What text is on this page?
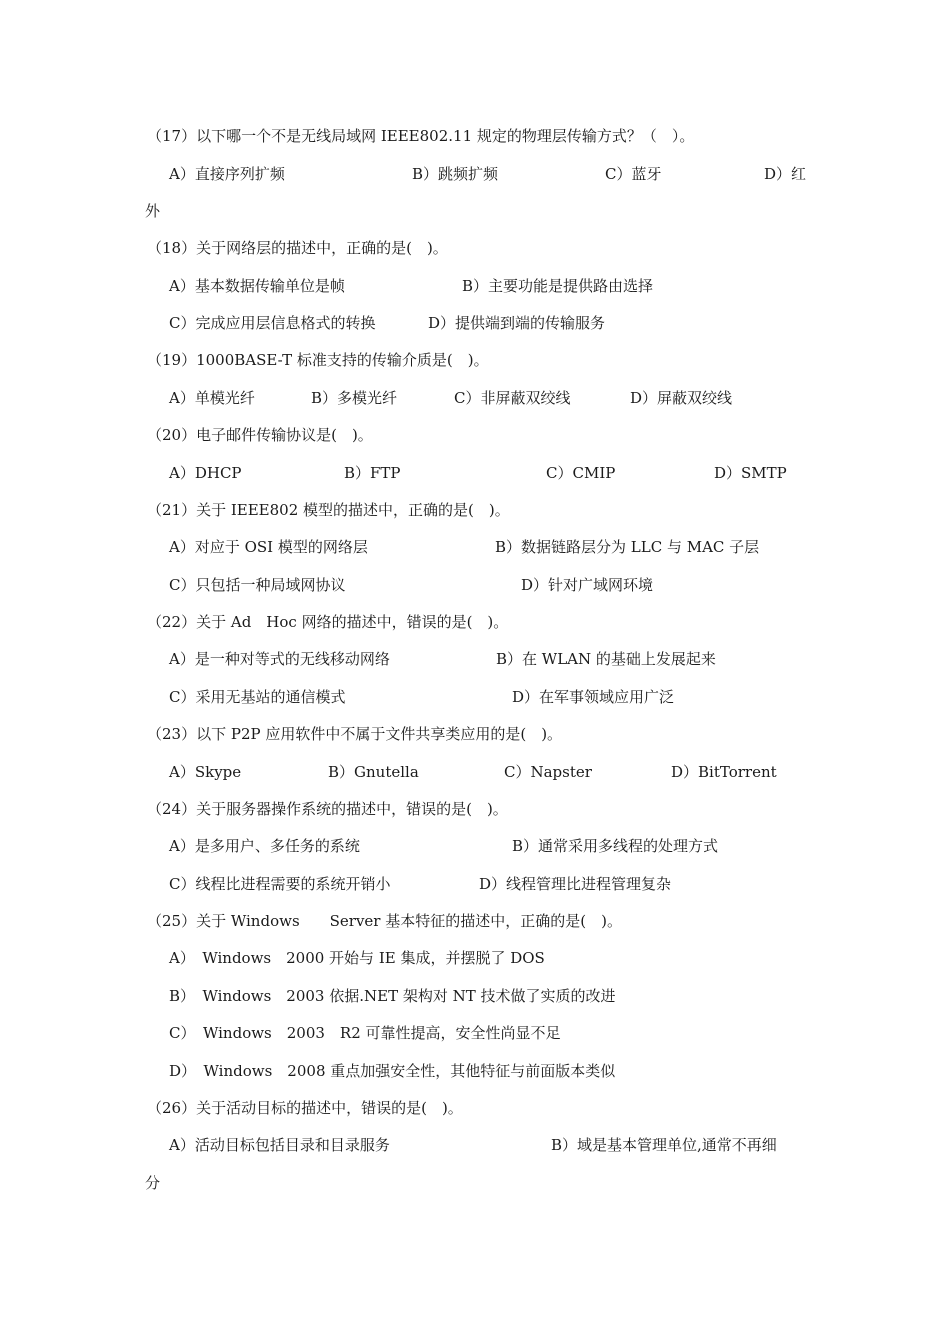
（17）以下哪一个不是无线局域网 IEEE802.11 规定的物理层传输方式？（　）。
A）直接序列扩频	B）跳频扩频	C）蓝牙	D）红
外
（18）关于网络层的描述中，正确的是(　)。
A）基本数据传输单位是帧	B）主要功能是提供路由选择
C）完成应用层信息格式的转换	D）提供端到端的传输服务
（19）1000BASE-T 标准支持的传输介质是(　)。
A）单模光纤	B）多模光纤	C）非屏蔽双绞线	D）屏蔽双绞线
（20）电子邮件传输协议是(　)。
A）DHCP	B）FTP	C）CMIP	D）SMTP
（21）关于 IEEE802 模型的描述中，正确的是(　)。
A）对应于 OSI 模型的网络层	B）数据链路层分为 LLC 与 MAC 子层
C）只包括一种局域网协议	D）针对广域网环境
（22）关于 Ad　Hoc 网络的描述中，错误的是(　)。
A）是一种对等式的无线移动网络	B）在 WLAN 的基础上发展起来
C）采用无基站的通信模式	D）在军事领域应用广泛
（23）以下 P2P 应用软件中不属于文件共享类应用的是(　)。
A）Skype	B）Gnutella	C）Napster	D）BitTorrent
（24）关于服务器操作系统的描述中，错误的是(　)。
A）是多用户、多任务的系统	B）通常采用多线程的处理方式
C）线程比进程需要的系统开销小	D）线程管理比进程管理复杂
（25）关于 Windows　　Server 基本特征的描述中，正确的是(　)。
A）　Windows　2000 开始与 IE 集成，并摆脱了 DOS
B）　Windows　2003 依据.NET 架构对 NT 技术做了实质的改进
C）　Windows　2003　R2 可靠性提高，安全性尚显不足
D）　Windows　2008 重点加强安全性，其他特征与前面版本类似
（26）关于活动目标的描述中，错误的是(　)。
A）活动目标包括目录和目录服务	B）域是基本管理单位,通常不再细
分
